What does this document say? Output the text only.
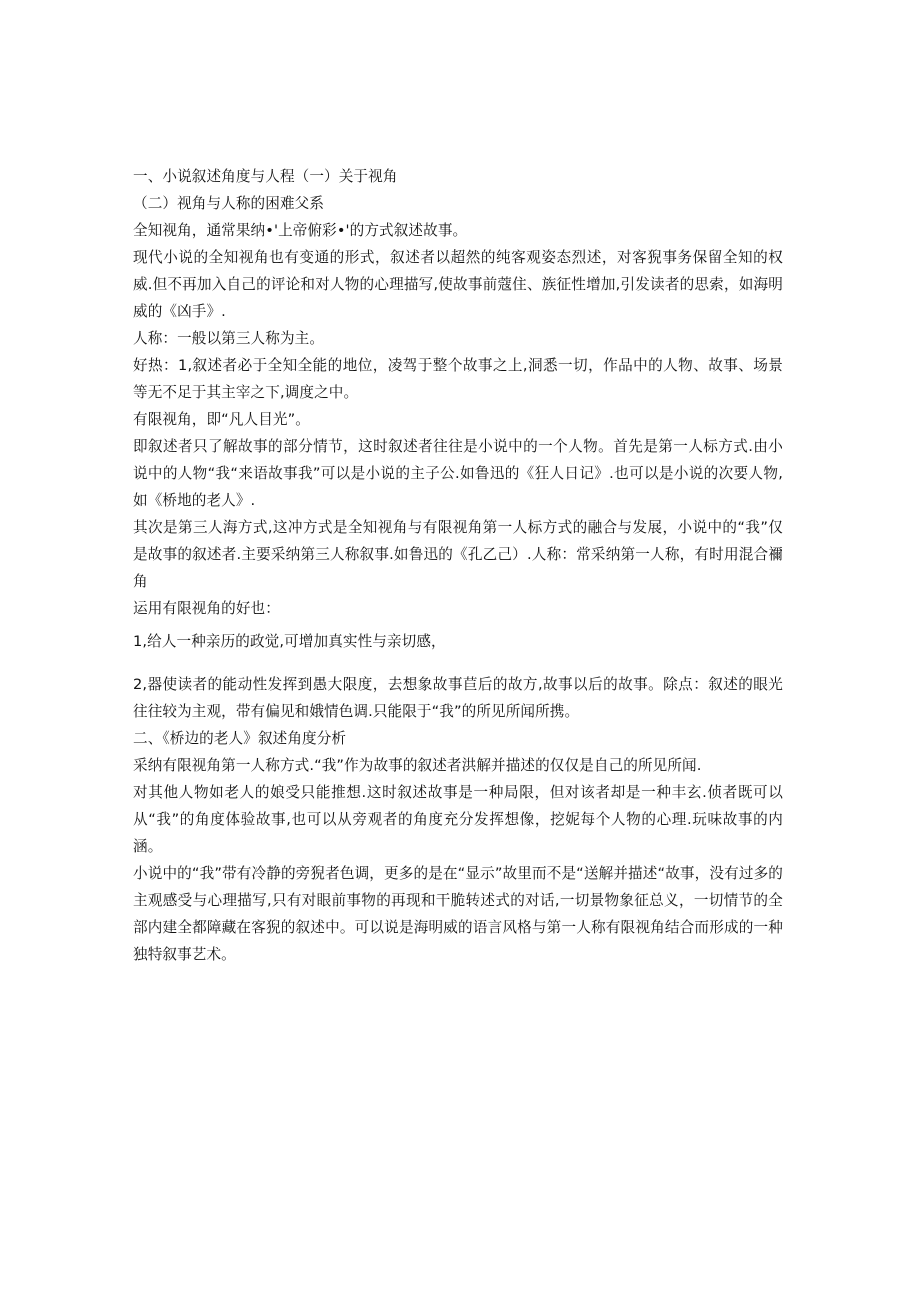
一、小说叙述角度与人程（一）关于视角

（二）视角与人称的困难父系

全知视角，通常果纳•'上帝俯彩•'的方式叙述故事。

现代小说的全知视角也有变通的形式，叙述者以超然的纯客观姿态烈述，对客猊事务保留全知的权威.但不再加入自己的评论和对人物的心理描写,使故事前蔻住、族征性增加,引发读者的思索，如海明威的《凶手》.

人称：一般以第三人称为主。

好热：1,叙述者必于全知全能的地位，凌驾于整个故事之上,洞悉一切，作品中的人物、故事、场景等无不足于其主宰之下,调度之中。

有限视角，即“凡人目光”。

即叙述者只了解故事的部分情节，这时叙述者往往是小说中的一个人物。首先是第一人标方式.由小说中的人物“我“来语故事我”可以是小说的主子公.如鲁迅的《狂人日记》.也可以是小说的次要人物,如《桥地的老人》.

其次是第三人海方式,这冲方式是全知视角与有限视角第一人标方式的融合与发展，小说中的“我”仅是故事的叙述者.主要采纳第三人称叙事.如鲁迅的《孔乙己）.人称：常采纳第一人称，有时用混合禰角

运用有限视角的好也：

1,给人一种亲历的政觉,可增加真实性与亲切感，

2,器使读者的能动性发挥到愚大限度，去想象故事苣后的故方,故事以后的故事。除点：叙述的眼光往往较为主观，带有偏见和娥情色调.只能限于“我”的所见所闻所携。

二、《桥边的老人》叙述角度分析

采纳有限视角第一人称方式.“我”作为故事的叙述者洪解并描述的仅仅是自己的所见所闻.

对其他人物如老人的娘受只能推想.这时叙述故事是一种局限，但对该者却是一种丰玄.侦者既可以从“我”的角度体验故事,也可以从旁观者的角度充分发挥想像，挖妮每个人物的心理.玩味故事的内涵。

小说中的“我”带有冷静的旁猊者色调，更多的是在“显示”故里而不是“送解并描述“故事，没有过多的主观感受与心理描写,只有对眼前事物的再现和干脆转述式的对话,一切景物象征总义，一切情节的全部内建全都障藏在客猊的叙述中。可以说是海明威的语言风格与第一人称有限视角结合而形成的一种独特叙事艺术。
